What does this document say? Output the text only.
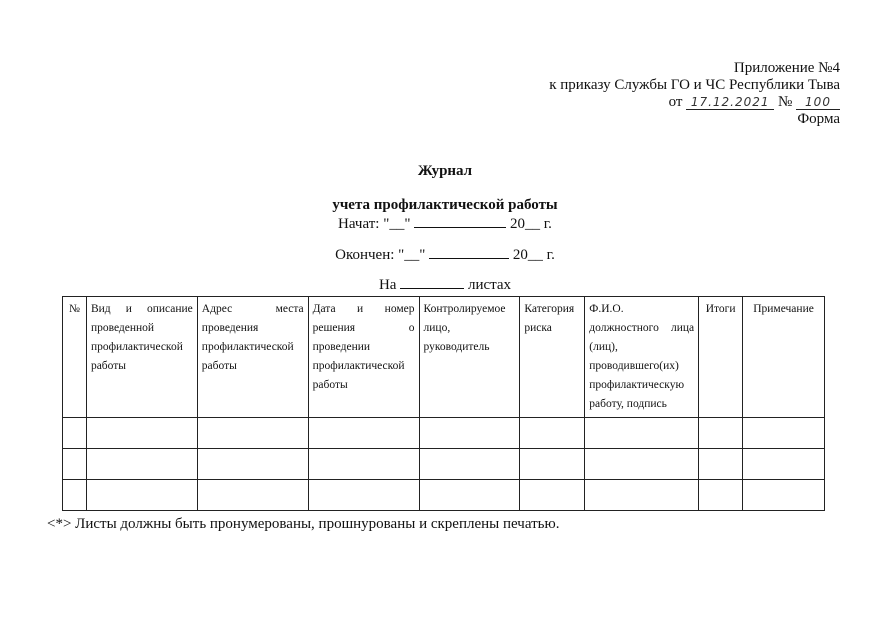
Приложение №4
к приказу Службы ГО и ЧС Республики Тыва
от 17.12.2021 № 100
Форма
Журнал
учета профилактической работы
Начат: "__"	20__ г.
Окончен: "__"	20__ г.
На	листах
№	Вид и описание проведенной профилактической работы	Адрес места проведения профилактической работы	Дата и номер решения о проведении профилактической работы	Контролируемое лицо, руководитель	Категория риска	Ф.И.О. должностного лица (лиц), проводившего(их) профилактическую работу, подпись	Итоги	Примечание

<*> Листы должны быть пронумерованы, прошнурованы и скреплены печатью.
